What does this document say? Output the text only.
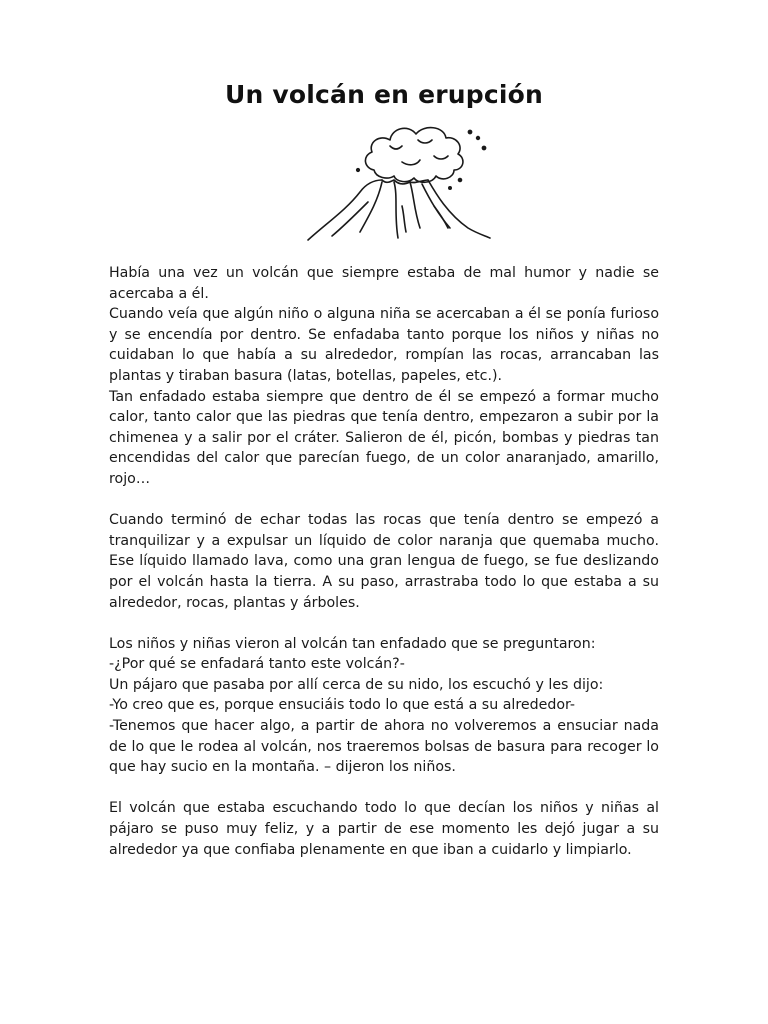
Un volcán en erupción

Había una vez un volcán que siempre estaba de mal humor y nadie se acercaba a él.

Cuando veía que algún niño o alguna niña se acercaban a él se ponía furioso y se encendía por dentro. Se enfadaba tanto porque los niños y niñas no cuidaban lo que había a su alrededor, rompían las rocas, arrancaban las plantas y tiraban basura (latas, botellas, papeles, etc.).

Tan enfadado estaba siempre que dentro de él se empezó a formar mucho calor, tanto calor que las piedras que tenía dentro, empezaron a subir por la chimenea y a salir por el cráter. Salieron de él, picón, bombas y piedras tan encendidas del calor que parecían fuego, de un color anaranjado, amarillo, rojo…

Cuando terminó de echar todas las rocas que tenía dentro se empezó a tranquilizar y a expulsar un líquido de color naranja que quemaba mucho. Ese líquido llamado lava, como una gran lengua de fuego, se fue deslizando por el volcán hasta la tierra. A su paso, arrastraba todo lo que estaba a su alrededor, rocas, plantas y árboles.

Los niños y niñas vieron al volcán tan enfadado que se preguntaron:

-¿Por qué se enfadará tanto este volcán?-

Un pájaro que pasaba por allí cerca de su nido, los escuchó y les dijo:

-Yo creo que es, porque ensuciáis todo lo que está a su alrededor-

-Tenemos que hacer algo, a partir de ahora no volveremos a ensuciar nada de lo que le rodea al volcán, nos traeremos bolsas de basura para recoger lo que hay sucio en la montaña. – dijeron los niños.

El volcán que estaba escuchando todo lo que decían los niños y niñas al pájaro se puso muy feliz, y a partir de ese momento les dejó jugar a su alrededor ya que confiaba plenamente en que iban a cuidarlo y limpiarlo.
